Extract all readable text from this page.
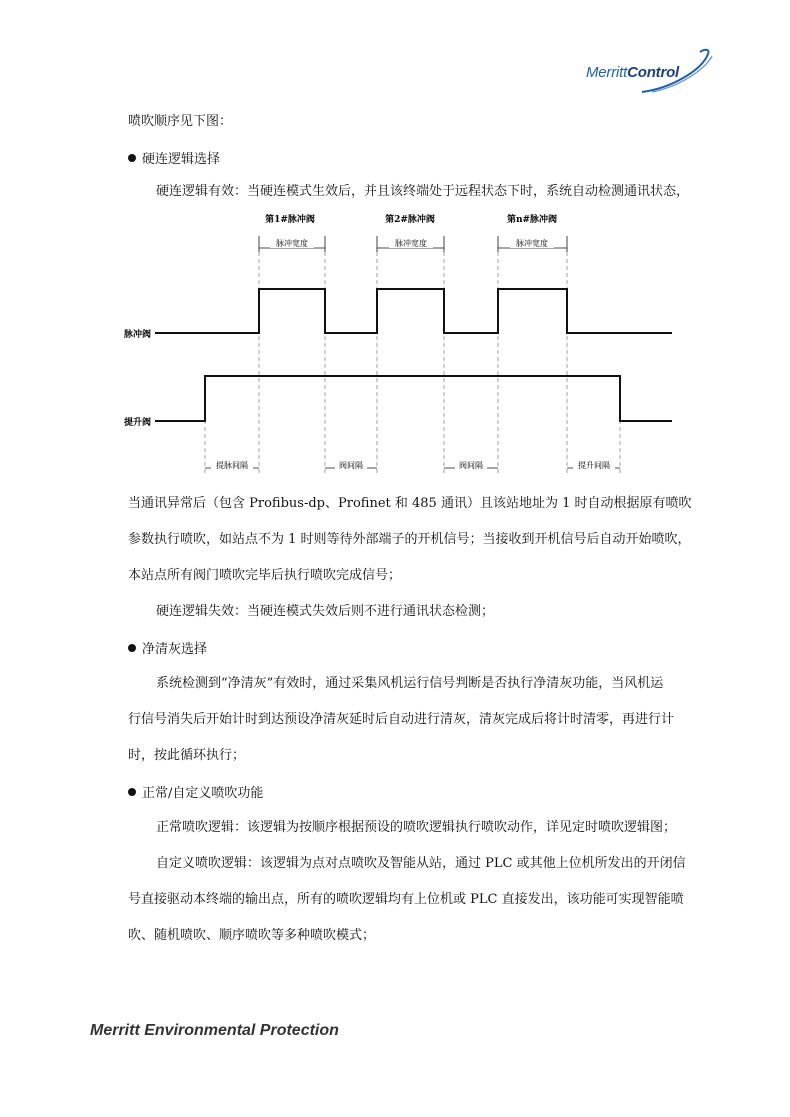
MerrittControl
喷吹顺序见下图：
硬连逻辑选择
硬连逻辑有效：当硬连模式生效后，并且该终端处于远程状态下时，系统自动检测通讯状态，
第1#脉冲阀	第2#脉冲阀	第n#脉冲阀
脉冲宽度	脉冲宽度	脉冲宽度
脉冲阀
提升阀
提脉间隔	阀间隔	阀间隔	提升间隔
当通讯异常后（包含 Profibus-dp、Profinet 和 485 通讯）且该站地址为 1 时自动根据原有喷吹
参数执行喷吹，如站点不为 1 时则等待外部端子的开机信号；当接收到开机信号后自动开始喷吹，
本站点所有阀门喷吹完毕后执行喷吹完成信号；
硬连逻辑失效：当硬连模式失效后则不进行通讯状态检测；
净清灰选择
系统检测到“净清灰”有效时，通过采集风机运行信号判断是否执行净清灰功能，当风机运
行信号消失后开始计时到达预设净清灰延时后自动进行清灰，清灰完成后将计时清零，再进行计
时，按此循环执行；
正常/自定义喷吹功能
正常喷吹逻辑：该逻辑为按顺序根据预设的喷吹逻辑执行喷吹动作，详见定时喷吹逻辑图；
自定义喷吹逻辑：该逻辑为点对点喷吹及智能从站，通过 PLC 或其他上位机所发出的开闭信
号直接驱动本终端的输出点，所有的喷吹逻辑均有上位机或 PLC 直接发出，该功能可实现智能喷
吹、随机喷吹、顺序喷吹等多种喷吹模式；
Merritt Environmental Protection
